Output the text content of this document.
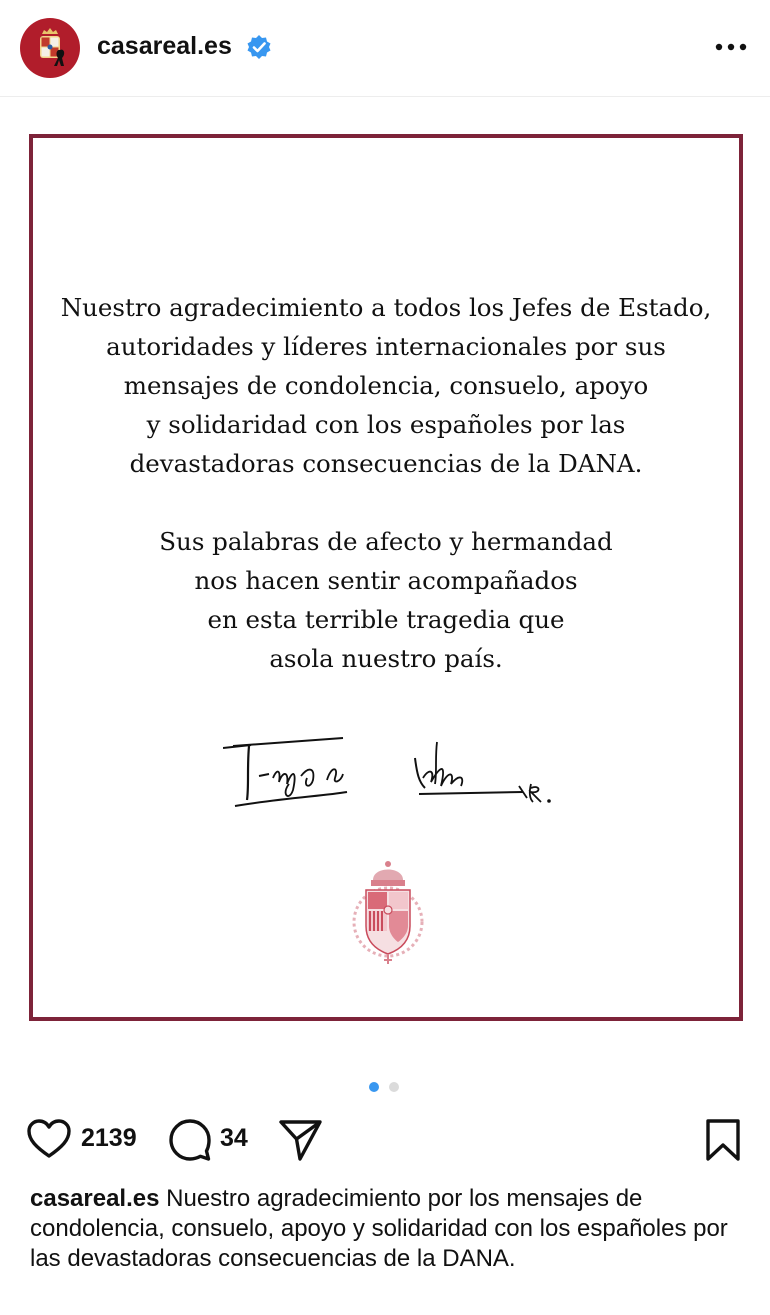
casareal.es

Nuestro agradecimiento a todos los Jefes de Estado,
autoridades y líderes internacionales por sus
mensajes de condolencia, consuelo, apoyo
y solidaridad con los españoles por las
devastadoras consecuencias de la DANA.

Sus palabras de afecto y hermandad
nos hacen sentir acompañados
en esta terrible tragedia que
asola nuestro país.

2139	34
casareal.es Nuestro agradecimiento por los mensajes de condolencia, consuelo, apoyo y solidaridad con los españoles por las devastadoras consecuencias de la DANA.
